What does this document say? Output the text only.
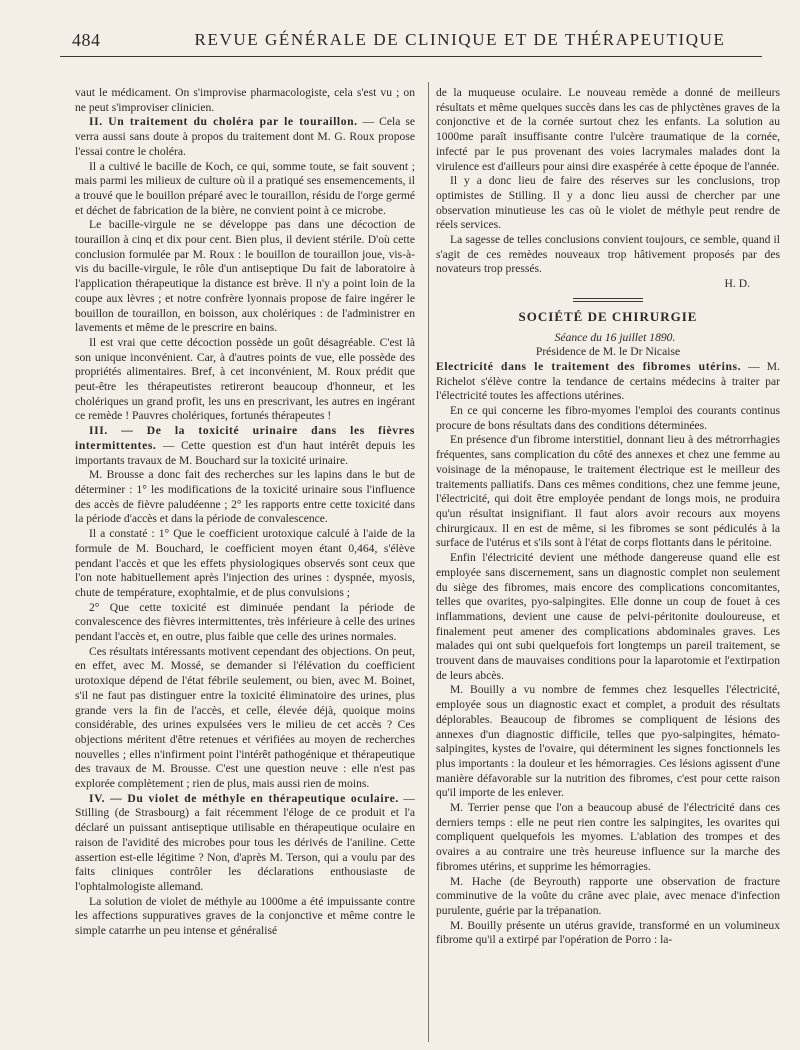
484	REVUE GÉNÉRALE DE CLINIQUE ET DE THÉRAPEUTIQUE

vaut le médicament. On s'improvise pharmacologiste, cela s'est vu ; on ne peut s'improviser clinicien.

II. Un traitement du choléra par le touraillon. — Cela se verra aussi sans doute à propos du traitement dont M. G. Roux propose l'essai contre le choléra.

Il a cultivé le bacille de Koch, ce qui, somme toute, se fait souvent ; mais parmi les milieux de culture où il a pratiqué ses ensemencements, il a trouvé que le bouillon préparé avec le touraillon, résidu de l'orge germé et déchet de fabrication de la bière, ne convient point à ce microbe.

Le bacille-virgule ne se développe pas dans une décoction de touraillon à cinq et dix pour cent. Bien plus, il devient stérile. D'où cette conclusion formulée par M. Roux : le bouillon de touraillon joue, vis-à-vis du bacille-virgule, le rôle d'un antiseptique Du fait de laboratoire à l'application thérapeutique la distance est brève. Il n'y a point loin de la coupe aux lèvres ; et notre confrère lyonnais propose de faire ingérer le bouillon de touraillon, en boisson, aux cholériques : de l'administrer en lavements et même de le prescrire en bains.

Il est vrai que cette décoction possède un goût désagréable. C'est là son unique inconvénient. Car, à d'autres points de vue, elle possède des propriétés alimentaires. Bref, à cet inconvénient, M. Roux prédit que peut-être les thérapeutistes retireront beaucoup d'honneur, et les cholériques un grand profit, les uns en prescrivant, les autres en ingérant ce remède ! Pauvres cholériques, fortunés thérapeutes !

III. — De la toxicité urinaire dans les fièvres intermittentes. — Cette question est d'un haut intérêt depuis les importants travaux de M. Bouchard sur la toxicité urinaire.

M. Brousse a donc fait des recherches sur les lapins dans le but de déterminer : 1° les modifications de la toxicité urinaire sous l'influence des accès de fièvre paludéenne ; 2° les rapports entre cette toxicité dans la période d'accès et dans la période de convalescence.

Il a constaté : 1° Que le coefficient urotoxique calculé à l'aide de la formule de M. Bouchard, le coefficient moyen étant 0,464, s'élève pendant l'accès et que les effets physiologiques observés sont ceux que l'on note habituellement après l'injection des urines : dyspnée, myosis, chute de température, exophtalmie, et de plus convulsions ;

2° Que cette toxicité est diminuée pendant la période de convalescence des fièvres intermittentes, très inférieure à celle des urines pendant l'accès et, en outre, plus faible que celle des urines normales.

Ces résultats intéressants motivent cependant des objections. On peut, en effet, avec M. Mossé, se demander si l'élévation du coefficient urotoxique dépend de l'état fébrile seulement, ou bien, avec M. Boinet, s'il ne faut pas distinguer entre la toxicité éliminatoire des urines, plus grande vers la fin de l'accès, et celle, élevée déjà, quoique moins considérable, des urines expulsées vers le milieu de cet accès ? Ces objections méritent d'être retenues et vérifiées au moyen de recherches nouvelles ; elles n'infirment point l'intérêt pathogénique et thérapeutique des travaux de M. Brousse. C'est une question neuve : elle n'est pas explorée complètement ; rien de plus, mais aussi rien de moins.

IV. — Du violet de méthyle en thérapeutique oculaire. — Stilling (de Strasbourg) a fait récemment l'éloge de ce produit et l'a déclaré un puissant antiseptique utilisable en thérapeutique oculaire en raison de l'avidité des microbes pour tous les dérivés de l'aniline. Cette assertion est-elle légitime ? Non, d'après M. Terson, qui a voulu par des faits cliniques contrôler les déclarations enthousiaste de l'ophtalmologiste allemand.

La solution de violet de méthyle au 1000me a été impuissante contre les affections suppuratives graves de la conjonctive et même contre le simple catarrhe un peu intense et généralisé

de la muqueuse oculaire. Le nouveau remède a donné de meilleurs résultats et même quelques succès dans les cas de phlyctènes graves de la conjonctive et de la cornée surtout chez les enfants. La solution au 1000me paraît insuffisante contre l'ulcère traumatique de la cornée, infecté par le pus provenant des voies lacrymales malades dont la virulence est d'ailleurs pour ainsi dire exaspérée à cette époque de l'année.

Il y a donc lieu de faire des réserves sur les conclusions, trop optimistes de Stilling. Il y a donc lieu aussi de chercher par une observation minutieuse les cas où le violet de méthyle peut rendre de réels services.

La sagesse de telles conclusions convient toujours, ce semble, quand il s'agit de ces remèdes nouveaux trop hâtivement proposés par des novateurs trop pressés.

H. D.

SOCIÉTÉ DE CHIRURGIE

Séance du 16 juillet 1890.

Présidence de M. le Dr Nicaise

Electricité dans le traitement des fibromes utérins. — M. Richelot s'élève contre la tendance de certains médecins à traiter par l'électricité toutes les affections utérines.

En ce qui concerne les fibro-myomes l'emploi des courants continus procure de bons résultats dans des conditions déterminées.

En présence d'un fibrome interstitiel, donnant lieu à des métrorrhagies fréquentes, sans complication du côté des annexes et chez une femme au voisinage de la ménopause, le traitement électrique est le meilleur des traitements palliatifs. Dans ces mêmes conditions, chez une femme jeune, l'électricité, qui doit être employée pendant de longs mois, ne produira qu'un résultat insignifiant. Il faut alors avoir recours aux moyens chirurgicaux. Il en est de même, si les fibromes se sont pédiculés à la surface de l'utérus et s'ils sont à l'état de corps flottants dans le péritoine.

Enfin l'électricité devient une méthode dangereuse quand elle est employée sans discernement, sans un diagnostic complet non seulement du siège des fibromes, mais encore des complications concomitantes, telles que ovarites, pyo-salpingites. Elle donne un coup de fouet à ces inflammations, devient une cause de pelvi-péritonite douloureuse, et finalement peut amener des complications abdominales graves. Les malades qui ont subi quelquefois fort longtemps un pareil traitement, se trouvent dans de mauvaises conditions pour la laparotomie et l'extirpation de leurs abcès.

M. Bouilly a vu nombre de femmes chez lesquelles l'électricité, employée sous un diagnostic exact et complet, a produit des résultats déplorables. Beaucoup de fibromes se compliquent de lésions des annexes d'un diagnostic difficile, telles que pyo-salpingites, hémato-salpingites, kystes de l'ovaire, qui déterminent les signes fonctionnels les plus importants : la douleur et les hémorragies. Ces lésions agissent d'une manière défavorable sur la nutrition des fibromes, c'est pour cette raison qu'il importe de les enlever.

M. Terrier pense que l'on a beaucoup abusé de l'électricité dans ces derniers temps : elle ne peut rien contre les salpingites, les ovarites qui compliquent quelquefois les myomes. L'ablation des trompes et des ovaires a au contraire une très heureuse influence sur la marche des fibromes utérins, et supprime les hémorragies.

M. Hache (de Beyrouth) rapporte une observation de fracture comminutive de la voûte du crâne avec plaie, avec menace d'infection purulente, guérie par la trépanation.

M. Bouilly présente un utérus gravide, transformé en un volumineux fibrome qu'il a extirpé par l'opération de Porro : la-
